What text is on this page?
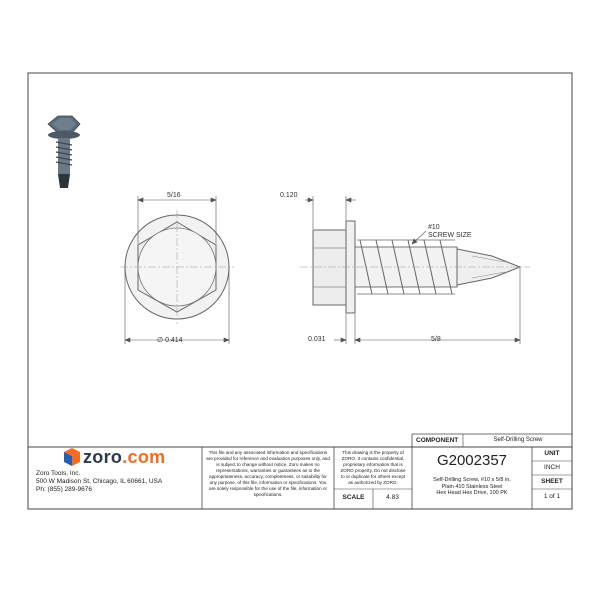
5/16
∅ 0.414
0.120
0.031	5/8
#10
SCREW SIZE
zoro.com
Zoro Tools, Inc.
500 W Madison St, Chicago, IL 60661, USA
Ph: (855) 289-9676
This file and any associated information and specifications are provided for reference and evaluation purposes only, and is subject to change without notice. Zoro makes no representations, warranties or guarantees as to the appropriateness, accuracy, completeness, or suitability for any purpose, of this file, information or specifications. You are solely responsible for the use of the file, information or specifications.
This drawing is the property of ZORO. It contains confidential, proprietary information that is ZORO property. Do not disclose to or duplicate for others except as authorized by ZORO.
COMPONENT	Self-Drilling Screw
G2002357
Self-Drilling Screw, #10 x 5/8 in,
Plain 410 Stainless Steel
Hex Head Hex Drive, 100 PK
UNIT
INCH
SHEET
1 of 1
SCALE	4.83
